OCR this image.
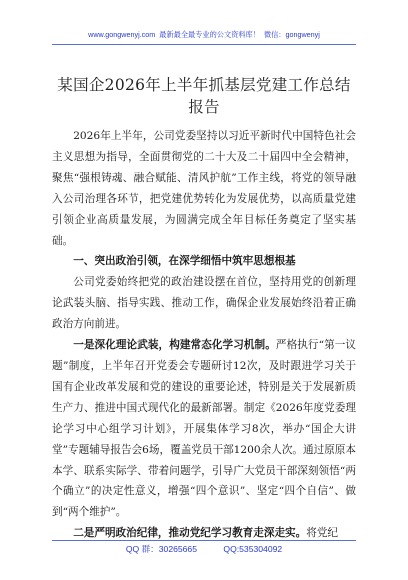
www.gongwenyj.com 最新最全最专业的公文资料库！ 微信：gongwenyj
某国企2026年上半年抓基层党建工作总结报告

2026年上半年，公司党委坚持以习近平新时代中国特色社会主义思想为指导，全面贯彻党的二十大及二十届四中全会精神，聚焦“强根铸魂、融合赋能、清风护航”工作主线，将党的领导融入公司治理各环节，把党建优势转化为发展优势，以高质量党建引领企业高质量发展，为圆满完成全年目标任务奠定了坚实基础。

一、突出政治引领，在深学细悟中筑牢思想根基

公司党委始终把党的政治建设摆在首位，坚持用党的创新理论武装头脑、指导实践、推动工作，确保企业发展始终沿着正确政治方向前进。

一是深化理论武装，构建常态化学习机制。严格执行“第一议题”制度，上半年召开党委会专题研讨12次，及时跟进学习关于国有企业改革发展和党的建设的重要论述，特别是关于发展新质生产力、推进中国式现代化的最新部署。制定《2026年度党委理论学习中心组学习计划》，开展集体学习8次，举办“国企大讲堂”专题辅导报告会6场，覆盖党员干部1200余人次。通过原原本本学、联系实际学、带着问题学，引导广大党员干部深刻领悟“两个确立”的决定性意义，增强“四个意识”、坚定“四个自信”、做到“两个维护”。

二是严明政治纪律，推动党纪学习教育走深走实。将党纪

QQ 群：30265665	QQ:535304092
